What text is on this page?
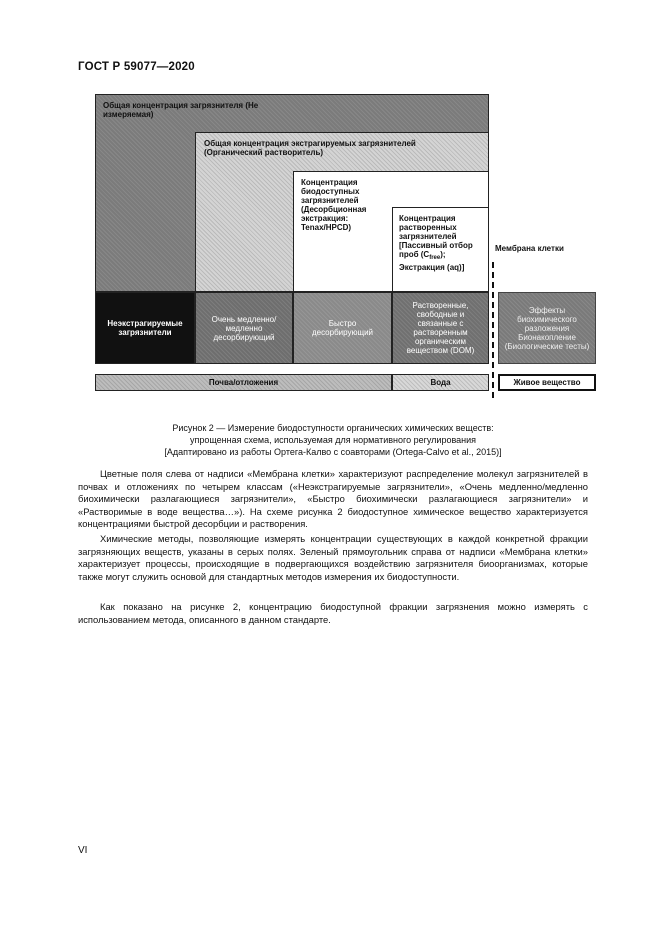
ГОСТ Р 59077—2020
Общая концентрация загрязнителя (Не измеряемая)
Общая концентрация экстрагируемых загрязнителей (Органический растворитель)
Концентрация биодоступных загрязнителей (Десорбционная экстракция: Tenax/HPCD)
Концентрация растворенных загрязнителей [Пассивный отбор проб $(C_{free})$; Экстракция (aq)]
Мембрана клетки
Неэкстрагируемые загрязнители
Очень медленно/ медленно десорбирующий
Быстро десорбирующий
Растворенные, свободные и связанные с растворенным органическим веществом (DOM)
Эффекты биохимического разложения Бионакопление (Биологические тесты)
Почва/отложения	Вода	Живое вещество
Рисунок 2 — Измерение биодоступности органических химических веществ:
упрощенная схема, используемая для нормативного регулирования
[Адаптировано из работы Ортега-Калво с соавторами (Ortega-Calvo et al., 2015)]
Цветные поля слева от надписи «Мембрана клетки» характеризуют распределение молекул загрязнителей в почвах и отложениях по четырем классам («Неэкстрагируемые загрязнители», «Очень медленно/медленно биохимически разлагающиеся загрязнители», «Быстро биохимически разлагающиеся загрязнители» и «Растворимые в воде вещества…»). На схеме рисунка 2 биодоступное химическое вещество характеризуется концентрациями быстрой десорбции и растворения.
Химические методы, позволяющие измерять концентрации существующих в каждой конкретной фракции загрязняющих веществ, указаны в серых полях. Зеленый прямоугольник справа от надписи «Мембрана клетки» характеризует процессы, происходящие в подвергающихся воздействию загрязнителя биоорганизмах, которые также могут служить основой для стандартных методов измерения их биодоступности.
Как показано на рисунке 2, концентрацию биодоступной фракции загрязнения можно измерять с использованием метода, описанного в данном стандарте.
VI
